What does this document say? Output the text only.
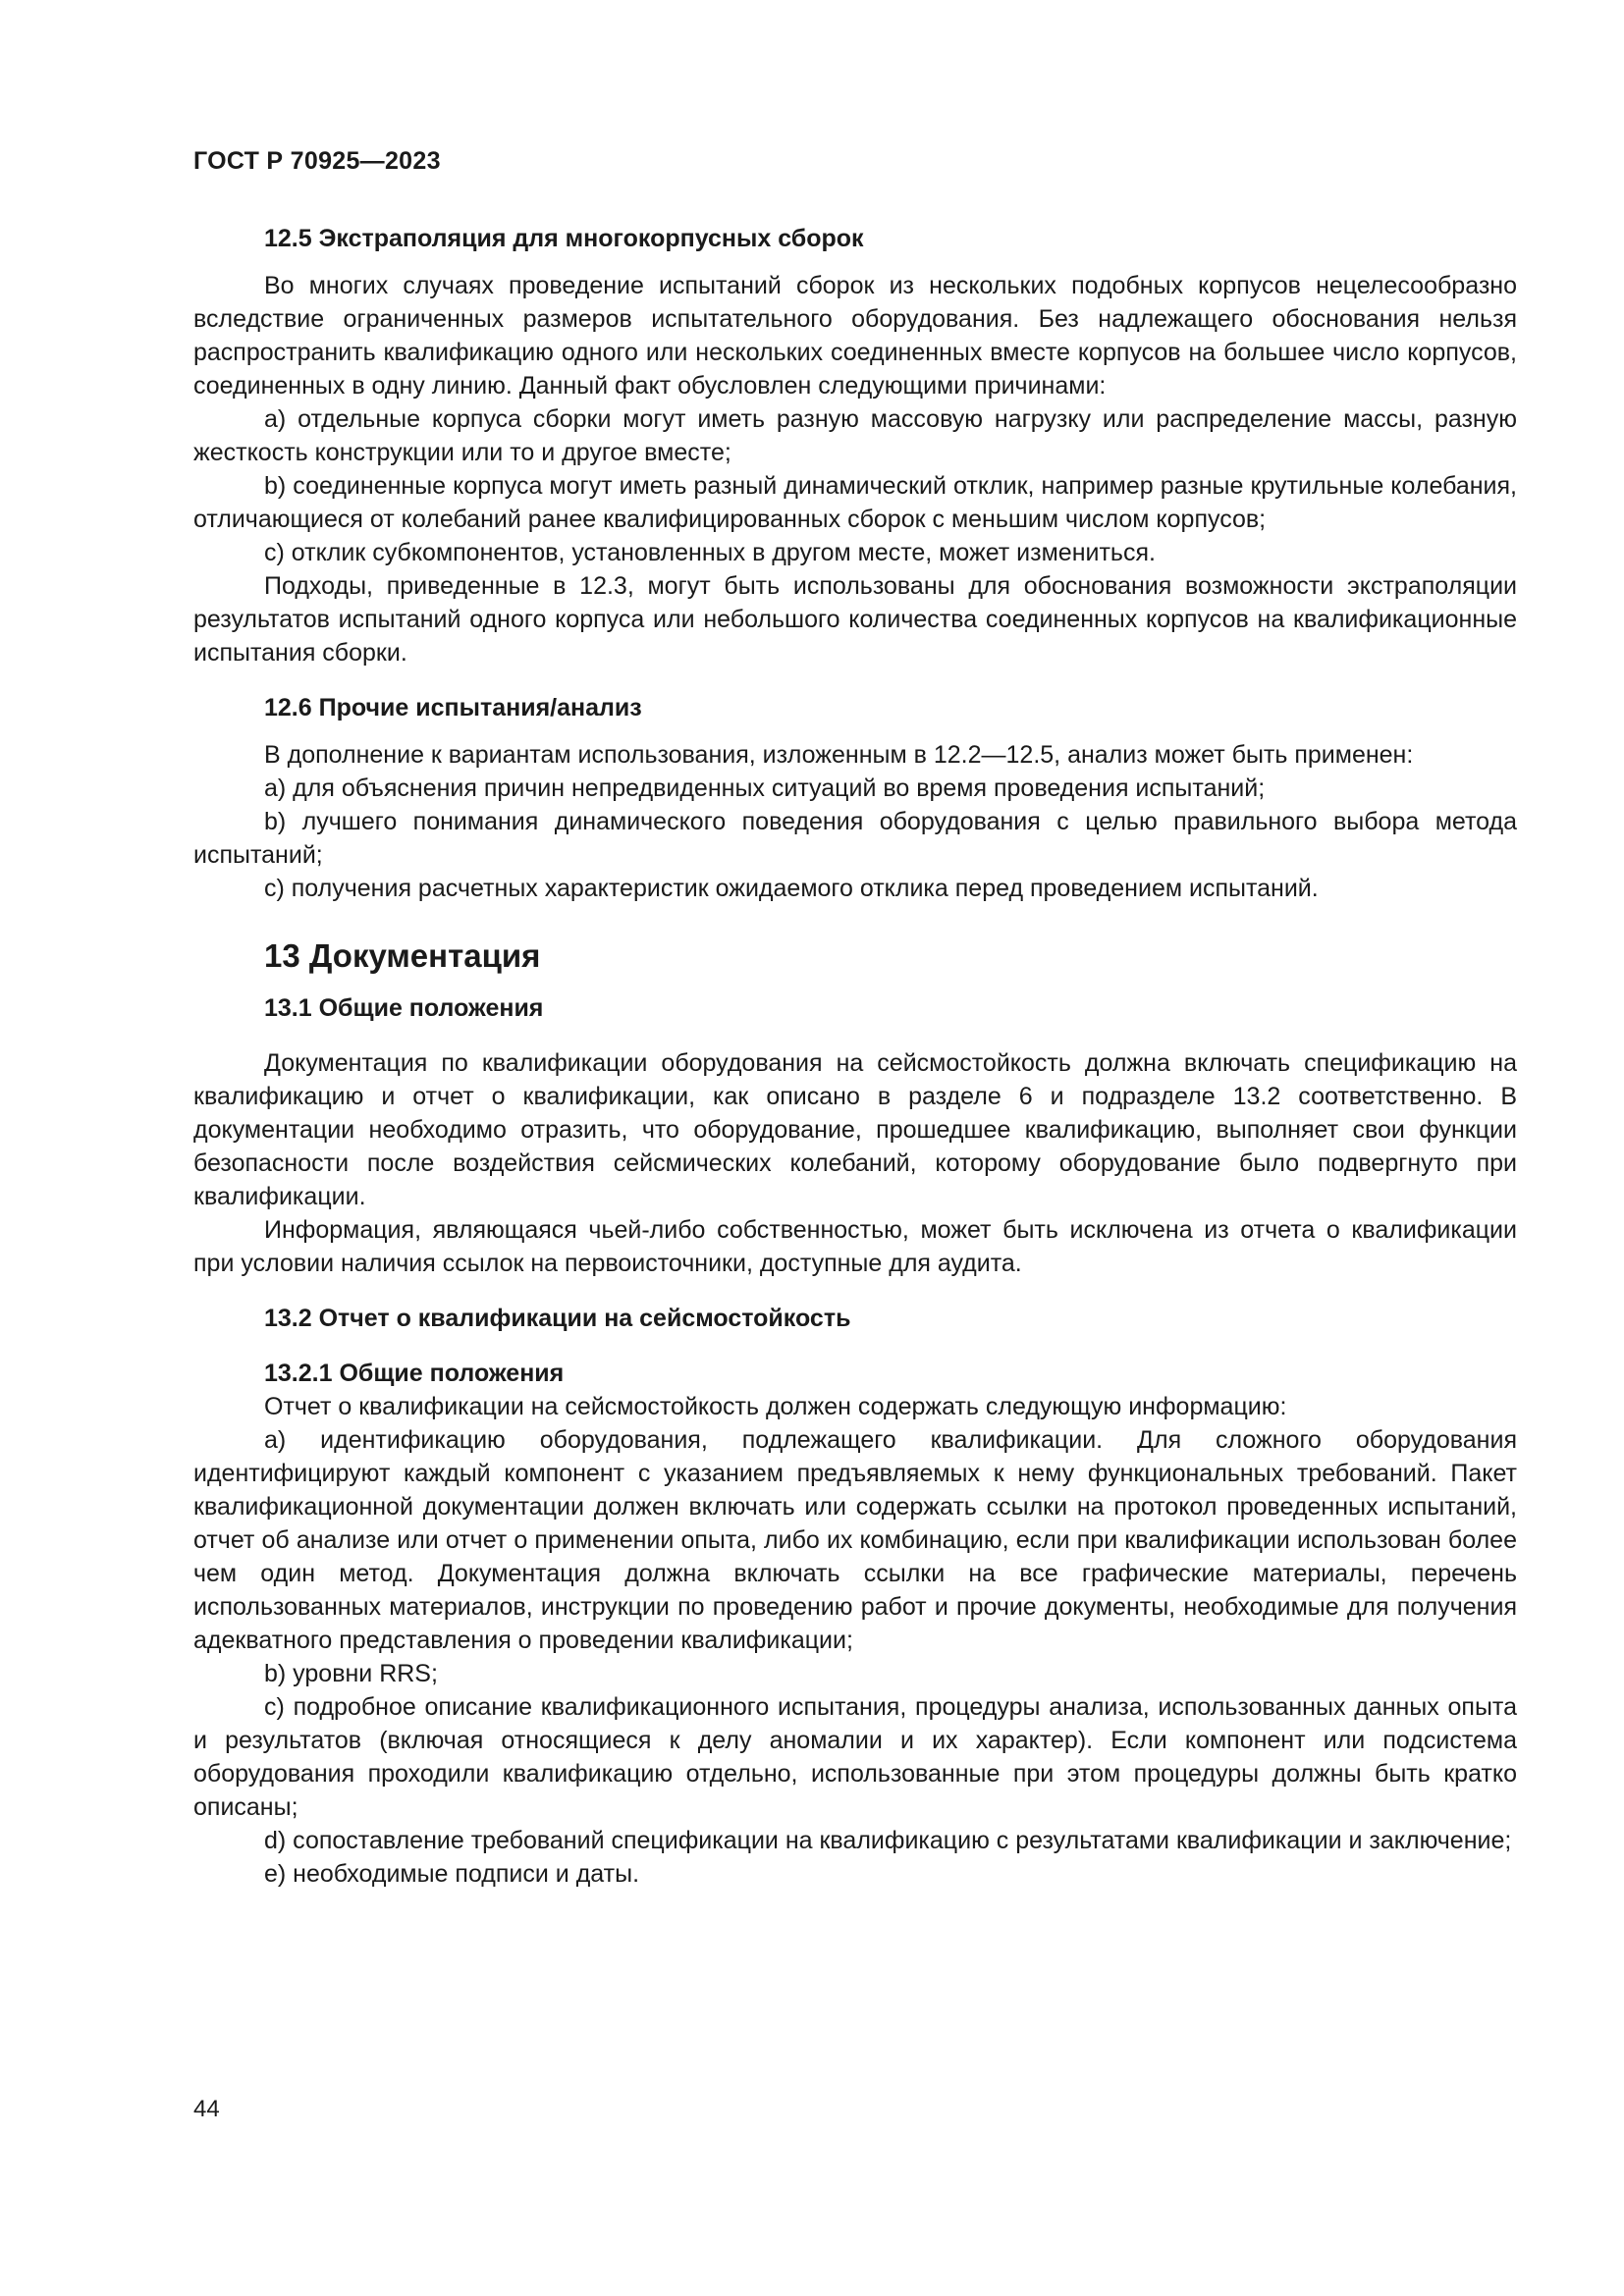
ГОСТ Р 70925—2023
12.5 Экстраполяция для многокорпусных сборок

Во многих случаях проведение испытаний сборок из нескольких подобных корпусов нецелесообразно вследствие ограниченных размеров испытательного оборудования. Без надлежащего обоснования нельзя распространить квалификацию одного или нескольких соединенных вместе корпусов на большее число корпусов, соединенных в одну линию. Данный факт обусловлен следующими причинами:

a) отдельные корпуса сборки могут иметь разную массовую нагрузку или распределение массы, разную жесткость конструкции или то и другое вместе;

b) соединенные корпуса могут иметь разный динамический отклик, например разные крутильные колебания, отличающиеся от колебаний ранее квалифицированных сборок с меньшим числом корпусов;

c) отклик субкомпонентов, установленных в другом месте, может измениться.

Подходы, приведенные в 12.3, могут быть использованы для обоснования возможности экстраполяции результатов испытаний одного корпуса или небольшого количества соединенных корпусов на квалификационные испытания сборки.

12.6 Прочие испытания/анализ

В дополнение к вариантам использования, изложенным в 12.2—12.5, анализ может быть применен:

a) для объяснения причин непредвиденных ситуаций во время проведения испытаний;

b) лучшего понимания динамического поведения оборудования с целью правильного выбора метода испытаний;

c) получения расчетных характеристик ожидаемого отклика перед проведением испытаний.

13 Документация
13.1 Общие положения

Документация по квалификации оборудования на сейсмостойкость должна включать спецификацию на квалификацию и отчет о квалификации, как описано в разделе 6 и подразделе 13.2 соответственно. В документации необходимо отразить, что оборудование, прошедшее квалификацию, выполняет свои функции безопасности после воздействия сейсмических колебаний, которому оборудование было подвергнуто при квалификации.

Информация, являющаяся чьей-либо собственностью, может быть исключена из отчета о квалификации при условии наличия ссылок на первоисточники, доступные для аудита.

13.2 Отчет о квалификации на сейсмостойкость
13.2.1 Общие положения

Отчет о квалификации на сейсмостойкость должен содержать следующую информацию:

a) идентификацию оборудования, подлежащего квалификации. Для сложного оборудования идентифицируют каждый компонент с указанием предъявляемых к нему функциональных требований. Пакет квалификационной документации должен включать или содержать ссылки на протокол проведенных испытаний, отчет об анализе или отчет о применении опыта, либо их комбинацию, если при квалификации использован более чем один метод. Документация должна включать ссылки на все графические материалы, перечень использованных материалов, инструкции по проведению работ и прочие документы, необходимые для получения адекватного представления о проведении квалификации;

b) уровни RRS;

c) подробное описание квалификационного испытания, процедуры анализа, использованных данных опыта и результатов (включая относящиеся к делу аномалии и их характер). Если компонент или подсистема оборудования проходили квалификацию отдельно, использованные при этом процедуры должны быть кратко описаны;

d) сопоставление требований спецификации на квалификацию с результатами квалификации и заключение;

e) необходимые подписи и даты.

44
